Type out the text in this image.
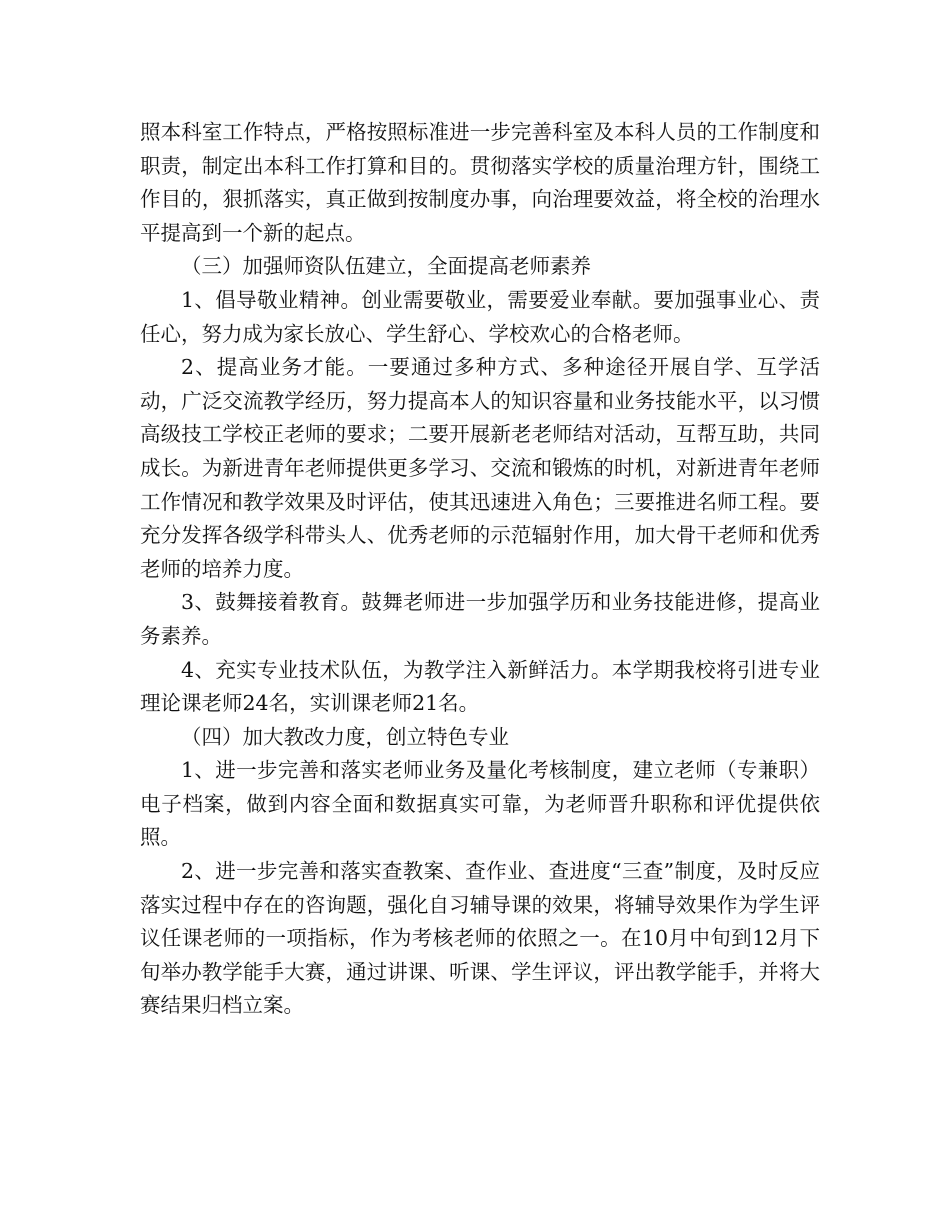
照本科室工作特点，严格按照标准进一步完善科室及本科人员的工作制度和职责，制定出本科工作打算和目的。贯彻落实学校的质量治理方针，围绕工作目的，狠抓落实，真正做到按制度办事，向治理要效益，将全校的治理水平提高到一个新的起点。

（三）加强师资队伍建立，全面提高老师素养

1、倡导敬业精神。创业需要敬业，需要爱业奉献。要加强事业心、责任心，努力成为家长放心、学生舒心、学校欢心的合格老师。

2、提高业务才能。一要通过多种方式、多种途径开展自学、互学活动，广泛交流教学经历，努力提高本人的知识容量和业务技能水平，以习惯高级技工学校正老师的要求；二要开展新老老师结对活动，互帮互助，共同成长。为新进青年老师提供更多学习、交流和锻炼的时机，对新进青年老师工作情况和教学效果及时评估，使其迅速进入角色；三要推进名师工程。要充分发挥各级学科带头人、优秀老师的示范辐射作用，加大骨干老师和优秀老师的培养力度。

3、鼓舞接着教育。鼓舞老师进一步加强学历和业务技能进修，提高业务素养。

4、充实专业技术队伍，为教学注入新鲜活力。本学期我校将引进专业理论课老师24名，实训课老师21名。

（四）加大教改力度，创立特色专业

1、进一步完善和落实老师业务及量化考核制度，建立老师（专兼职）电子档案，做到内容全面和数据真实可靠，为老师晋升职称和评优提供依照。

2、进一步完善和落实查教案、查作业、查进度“三查”制度，及时反应落实过程中存在的咨询题，强化自习辅导课的效果，将辅导效果作为学生评议任课老师的一项指标，作为考核老师的依照之一。在10月中旬到12月下旬举办教学能手大赛，通过讲课、听课、学生评议，评出教学能手，并将大赛结果归档立案。
